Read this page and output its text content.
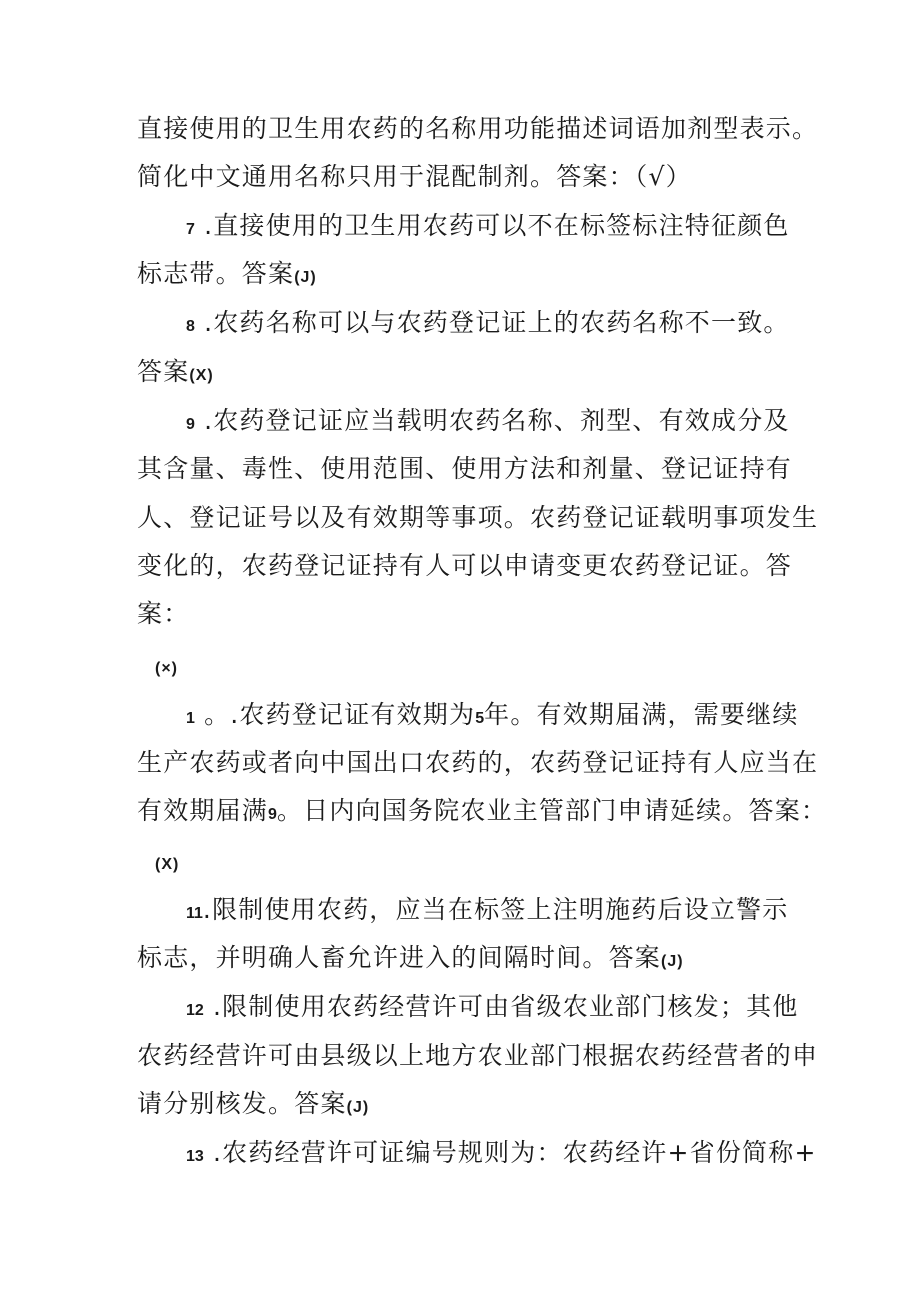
直接使用的卫生用农药的名称用功能描述词语加剂型表示。
简化中文通用名称只用于混配制剂。答案：（√）
7 .直接使用的卫生用农药可以不在标签标注特征颜色
标志带。答案(J)
8 .农药名称可以与农药登记证上的农药名称不一致。
答案(X)
9 .农药登记证应当载明农药名称、剂型、有效成分及
其含量、毒性、使用范围、使用方法和剂量、登记证持有
人、登记证号以及有效期等事项。农药登记证载明事项发生
变化的，农药登记证持有人可以申请变更农药登记证。答
案：
(×)
1 。.农药登记证有效期为5年。有效期届满，需要继续
生产农药或者向中国出口农药的，农药登记证持有人应当在
有效期届满9。日内向国务院农业主管部门申请延续。答案：
(X)
11.限制使用农药，应当在标签上注明施药后设立警示
标志，并明确人畜允许进入的间隔时间。答案(J)
12 .限制使用农药经营许可由省级农业部门核发；其他
农药经营许可由县级以上地方农业部门根据农药经营者的申
请分别核发。答案(J)
13 .农药经营许可证编号规则为：农药经许+省份简称+
